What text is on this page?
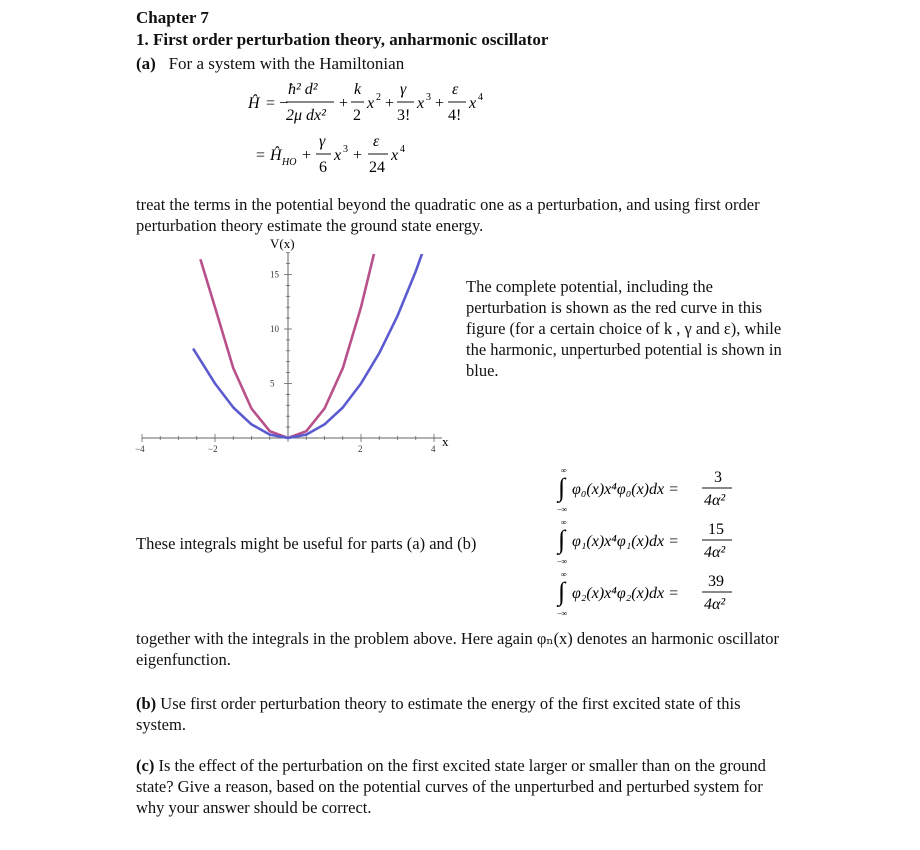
Chapter 7
1. First order perturbation theory, anharmonic oscillator
(a) For a system with the Hamiltonian
Ĥ = −
ħ² d²
2μ dx²
+
k
2
x 2 +
γ
3!
x 3 +
ε
4!
x 4
= Ĥ HO +
γ
6
x 3 +
ε
24
x 4
treat the terms in the potential beyond the quadratic one as a perturbation, and using first order perturbation theory estimate the ground state energy.
V(x)
x
−4	−2	2	4
5
10
15
The complete potential, including the perturbation is shown as the red curve in this figure (for a certain choice of k , γ and ε), while the harmonic, unperturbed potential is shown in blue.
These integrals might be useful for parts (a) and (b)
∫
∞
−∞
φ₀(x)x⁴φ₀(x)dx =
3
4α²
∫
∞
−∞
φ₁(x)x⁴φ₁(x)dx =
15
4α²
∫
∞
−∞
φ₂(x)x⁴φ₂(x)dx =
39
4α²
together with the integrals in the problem above. Here again φₙ(x) denotes an harmonic oscillator eigenfunction.
(b) Use first order perturbation theory to estimate the energy of the first excited state of this system.
(c) Is the effect of the perturbation on the first excited state larger or smaller than on the ground state? Give a reason, based on the potential curves of the unperturbed and perturbed system for why your answer should be correct.
